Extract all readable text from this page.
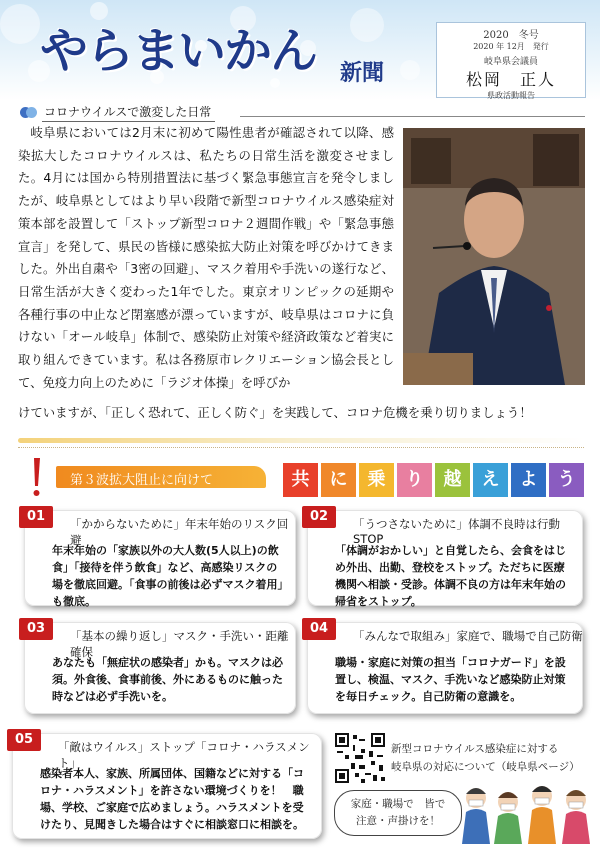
やらまいかん 新聞
2020　冬号
2020 年 12月　発行
岐阜県会議員
松岡　正人
県政活動報告
コロナウイルスで激変した日常

岐阜県においては2月末に初めて陽性患者が確認されて以降、感染拡大したコロナウイルスは、私たちの日常生活を激変させました。4月には国から特別措置法に基づく緊急事態宣言を発令しましたが、岐阜県としてはより早い段階で新型コロナウイルス感染症対策本部を設置して「ストップ新型コロナ２週間作戦」や「緊急事態宣言」を発して、県民の皆様に感染拡大防止対策を呼びかけてきました。外出自粛や「3密の回避」、マスク着用や手洗いの遂行など、日常生活が大きく変わった1年でした。東京オリンピックの延期や各種行事の中止など閉塞感が漂っていますが、岐阜県はコロナに負けない「オール岐阜」体制で、感染防止対策や経済政策など着実に取り組んできています。私は各務原市レクリエーション協会長として、免疫力向上のために「ラジオ体操」を呼びか

けていますが、「正しく恐れて、正しく防ぐ」を実践して、コロナ危機を乗り切りましょう！
第３波拡大阻止に向けて	共	に	乗	り	越	え	よ	う
01	「かからないために」年末年始のリスク回避
年末年始の「家族以外の大人数(5人以上)の飲食」「接待を伴う飲食」など、高感染リスクの場を徹底回避。「食事の前後は必ずマスク着用」も徹底。
02	「うつさないために」体調不良時は行動 STOP
「体調がおかしい」と自覚したら、会食をはじめ外出、出勤、登校をストップ。ただちに医療機関へ相談・受診。体調不良の方は年末年始の帰省をストップ。
03	「基本の繰り返し」マスク・手洗い・距離確保
あなたも「無症状の感染者」かも。マスクは必須。外食後、食事前後、外にあるものに触った時などは必ず手洗いを。
04	「みんなで取組み」家庭で、職場で自己防衛
職場・家庭に対策の担当「コロナガード」を設置し、検温、マスク、手洗いなど感染防止対策を毎日チェック。自己防衛の意識を。
05	「敵はウイルス」ストップ「コロナ・ハラスメント」
感染者本人、家族、所属団体、国籍などに対する「コロナ・ハラスメント」を許さない環境づくりを！　職場、学校、ご家庭で広めましょう。ハラスメントを受けたり、見聞きした場合はすぐに相談窓口に相談を。
新型コロナウイルス感染症に対する
岐阜県の対応について（岐阜県ページ）
家庭・職場で　皆で
注意・声掛けを！
